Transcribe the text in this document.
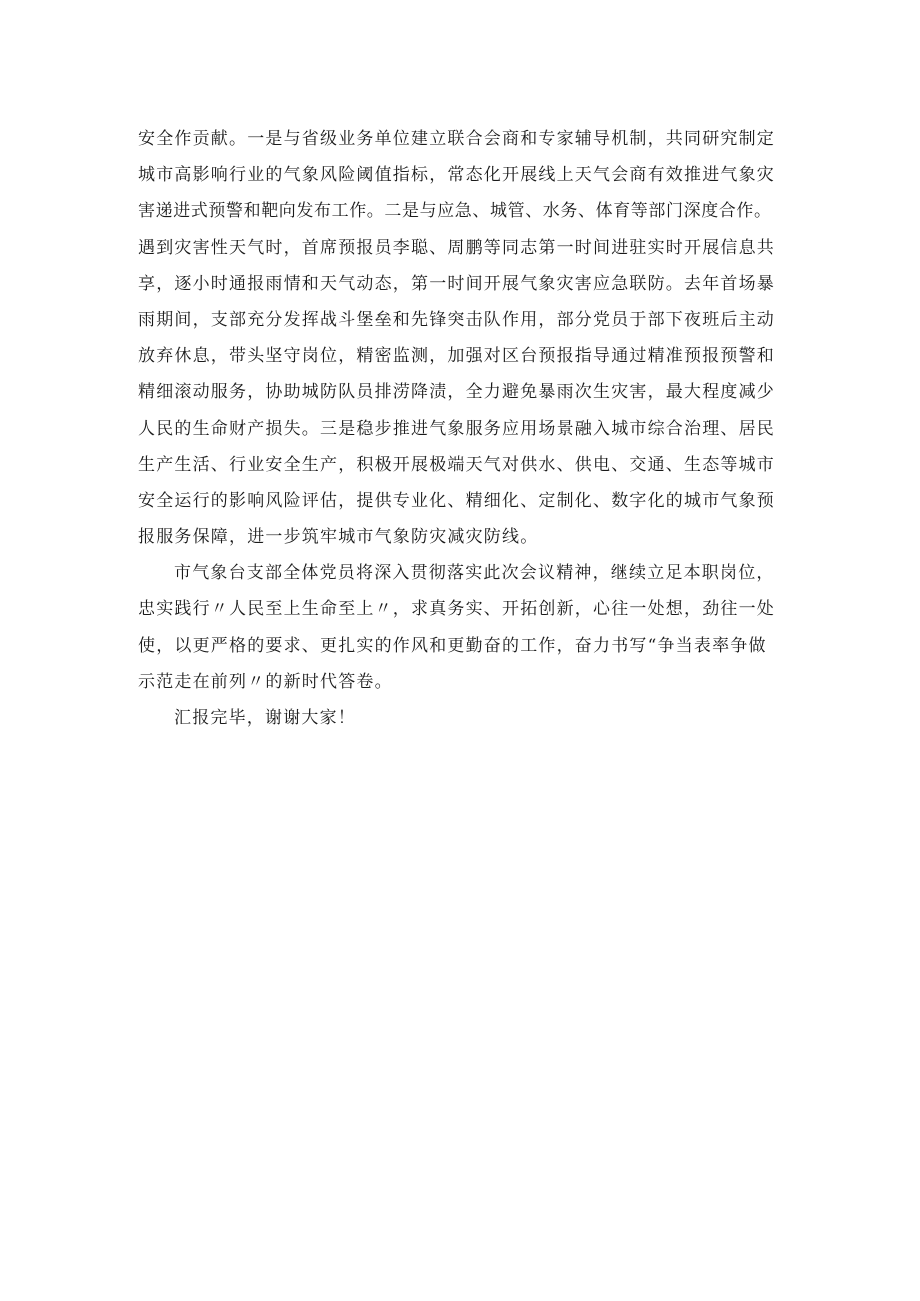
安全作贡献。一是与省级业务单位建立联合会商和专家辅导机制，共同研究制定
城市高影响行业的气象风险阈值指标，常态化开展线上天气会商有效推进气象灾
害递进式预警和靶向发布工作。二是与应急、城管、水务、体育等部门深度合作。
遇到灾害性天气时，首席预报员李聪、周鹏等同志第一时间进驻实时开展信息共
享，逐小时通报雨情和天气动态，第一时间开展气象灾害应急联防。去年首场暴
雨期间，支部充分发挥战斗堡垒和先锋突击队作用，部分党员于部下夜班后主动
放弃休息，带头坚守岗位，精密监测，加强对区台预报指导通过精准预报预警和
精细滚动服务，协助城防队员排涝降渍，全力避免暴雨次生灾害，最大程度减少
人民的生命财产损失。三是稳步推进气象服务应用场景融入城市综合治理、居民
生产生活、行业安全生产，积极开展极端天气对供水、供电、交通、生态等城市
安全运行的影响风险评估，提供专业化、精细化、定制化、数字化的城市气象预
报服务保障，进一步筑牢城市气象防灾减灾防线。
市气象台支部全体党员将深入贯彻落实此次会议精神，继续立足本职岗位，
忠实践行〃人民至上生命至上〃，求真务实、开拓创新，心往一处想，劲往一处
使，以更严格的要求、更扎实的作风和更勤奋的工作，奋力书写“争当表率争做
示范走在前列〃的新时代答卷。
汇报完毕，谢谢大家！
